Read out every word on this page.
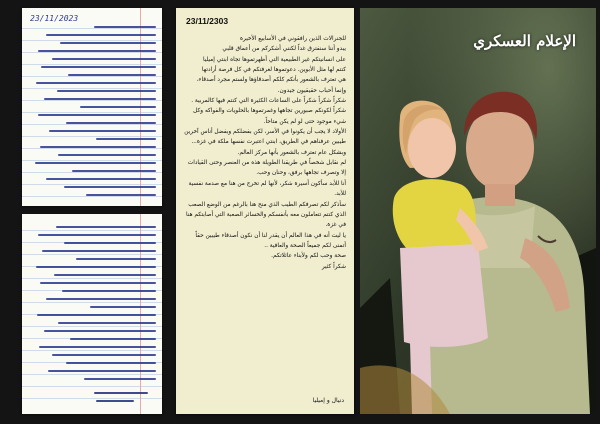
23/11/2023	23/11/2303

للجنرالات الذين رافقوني في الأسابيع الأخيرة

يبدو أننا سنفترق غداً لكنني أشكركم من أعماق قلبي

على انسانيتكم غير الطبيعية التي أظهرتموها تجاه ابنتي إميليا

كنتم لها مثل الأبوين. دعوتموها لغرفتكم في كل فرصة أرادتها

هي تعترف بالشعور بأنكم كلكم أصدقاؤها ولستم مجرد أصدقاء، وإنما أحباب حقيقيون جيدون.

شكراً شكراً شكراً على الساعات الكثيرة التي كنتم فيها كالمربية .

شكراً لكونكم صبورين تجاهها وغمرتموها بالحلويات والفواكه وكل شيء موجود حتى لو لم يكن متاحاً.

الأولاد لا يجب أن يكونوا في الأسر، لكن بفضلكم وبفضل أناس آخرين طيبين عرفناهم في الطريق، ابنتي اعتبرت نفسها ملكة في غزة...

وبشكل عام تعترف بالشعور بأنها مركز العالم.

لم نقابل شخصاً في طريقنا الطويلة هذه من العنصر وحتى القيادات إلا وتصرف تجاهها برفق، وحنان وحب.

أنا للأبد سأكون أسيرة شكر، لأنها لم تخرج من هنا مع صدمة نفسية للأبد.

سأذكر لكم تصرفكم الطيب الذي منح هنا بالرغم من الوضع الصعب الذي كنتم تتعاملون معه بأنفسكم والخسائر الصعبة التي أصابتكم هنا في غزة.

يا ليت أنه في هذا العالم أن يقدر لنا أن نكون أصدقاء طيبين حقاً

أتمنى لكم جميعاً الصحة والعافية ..

صحة وحب لكم ولأبناء عائلاتكم.

شكراً كثير

دنيال و إميليا
الإعلام العسكري
